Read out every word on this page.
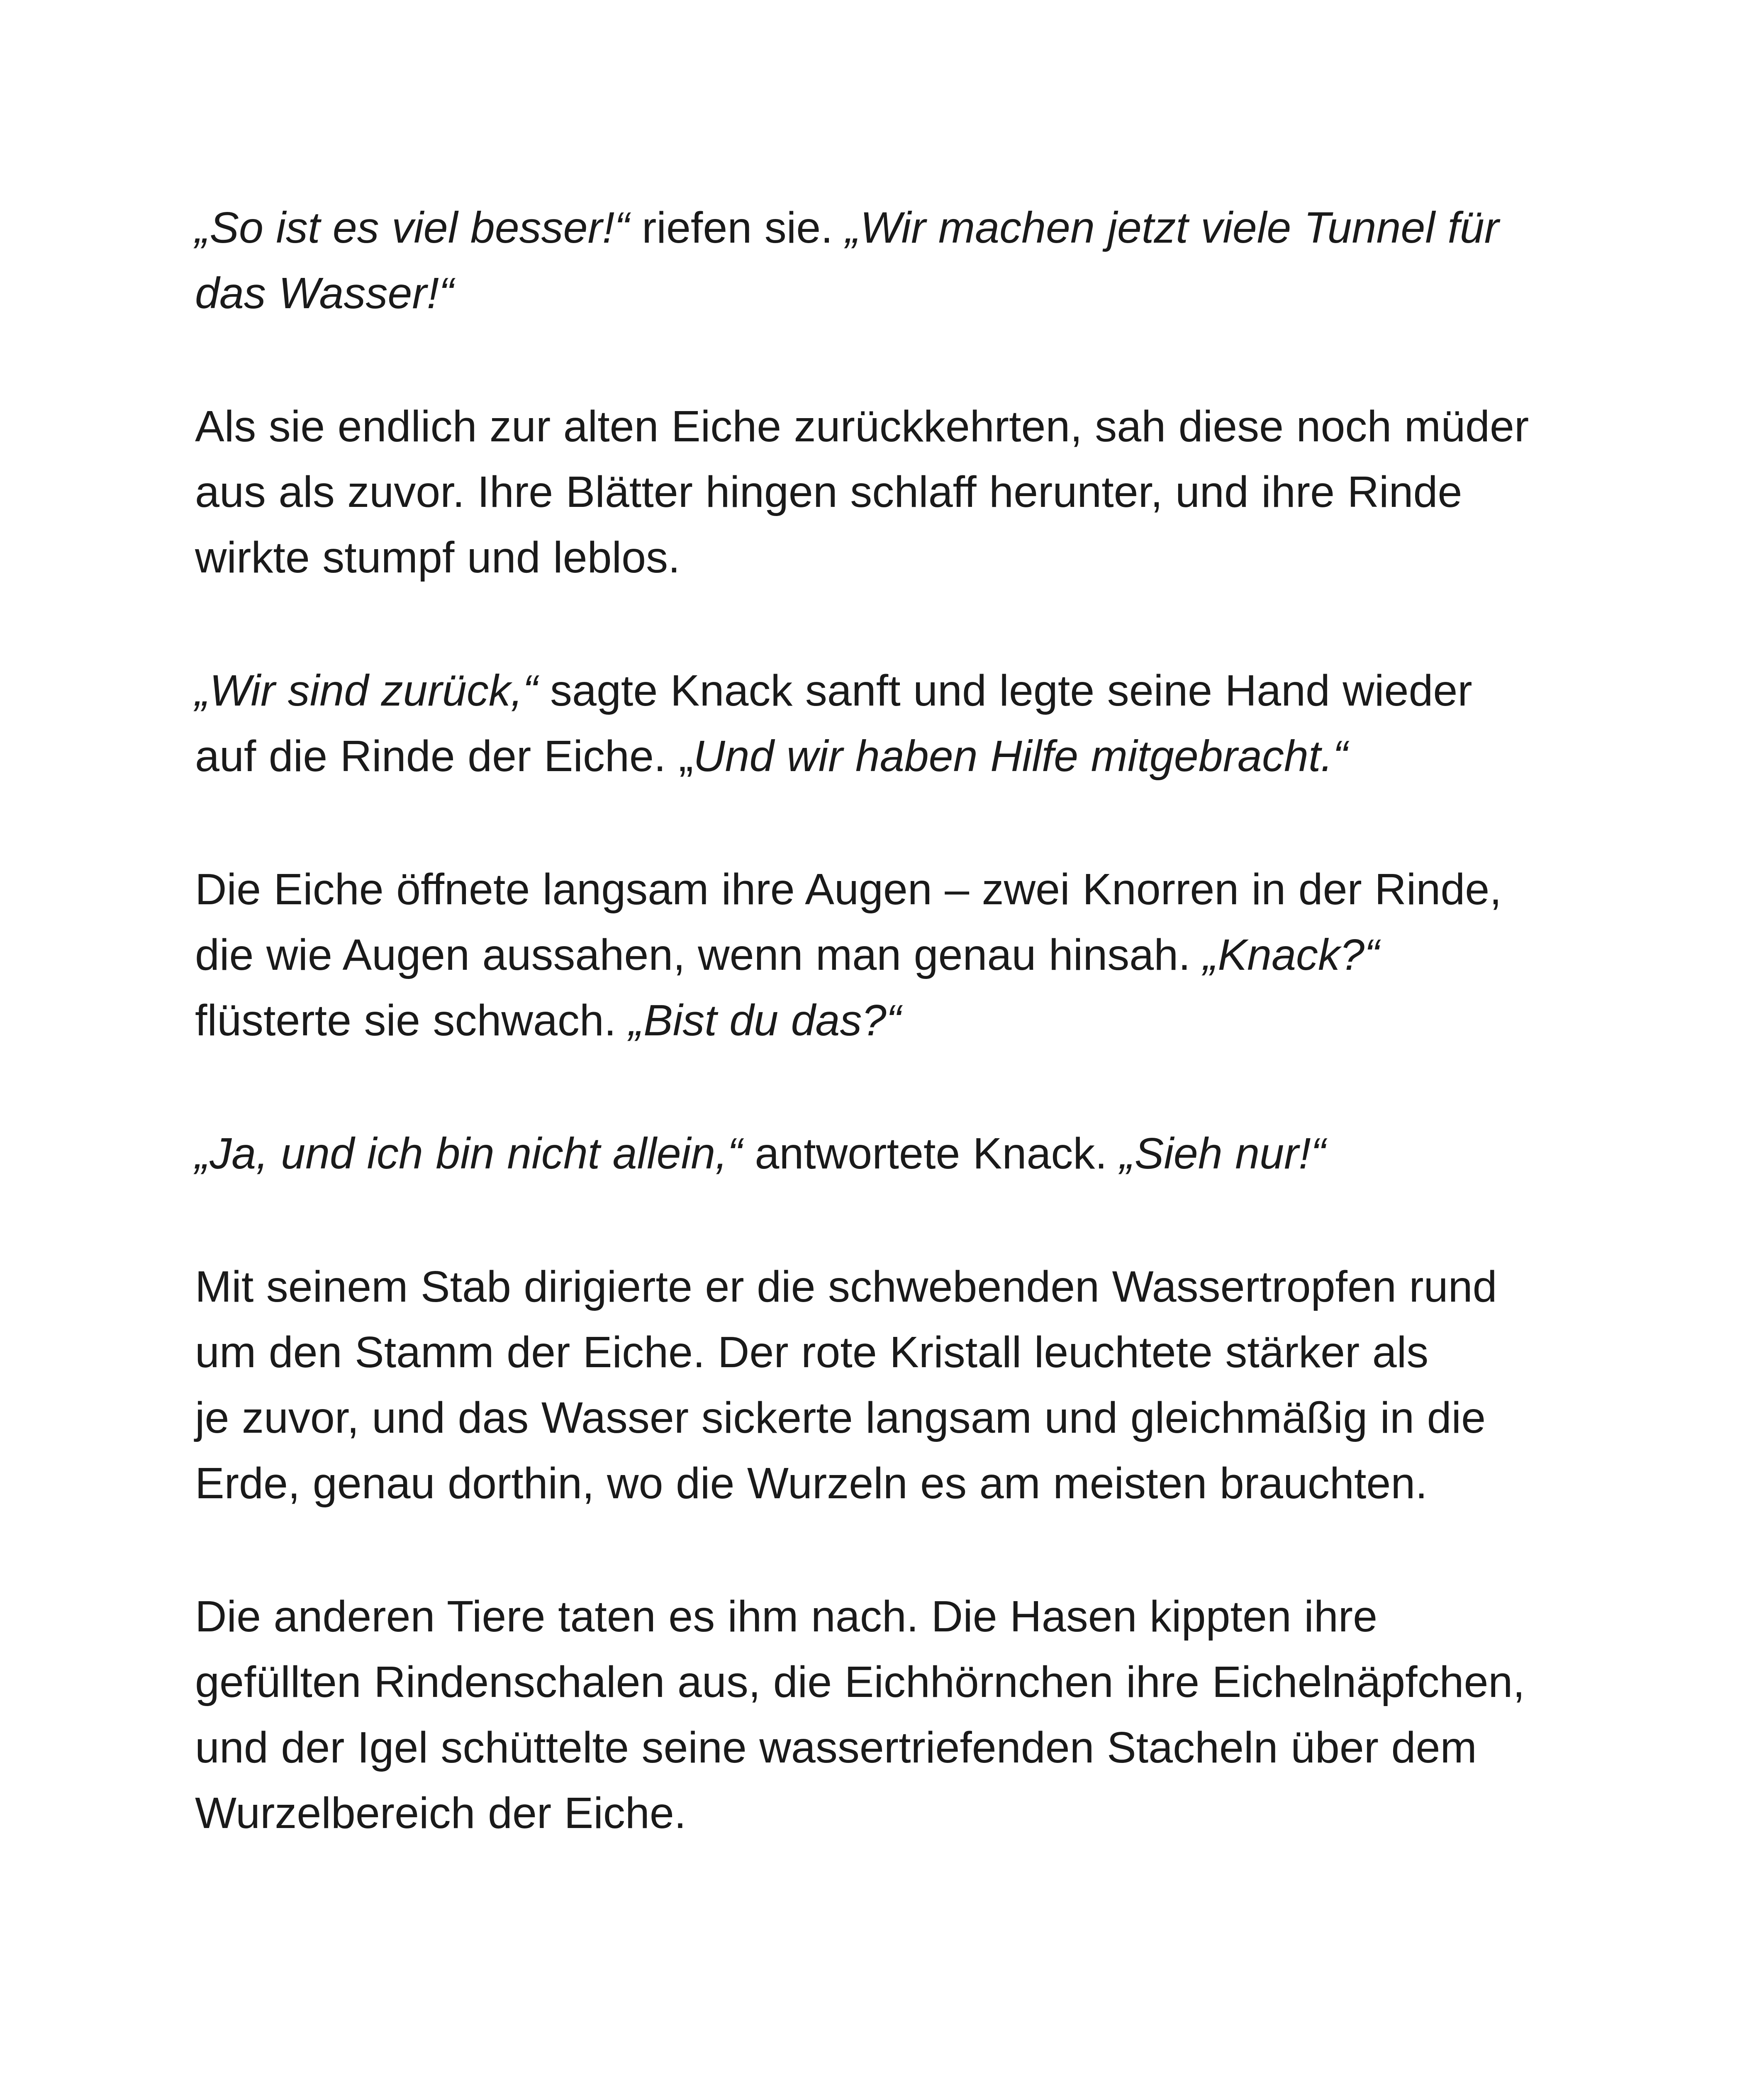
„So ist es viel besser!“ riefen sie. „Wir machen jetzt viele Tunnel für
das Wasser!“

Als sie endlich zur alten Eiche zurückkehrten, sah diese noch müder
aus als zuvor. Ihre Blätter hingen schlaff herunter, und ihre Rinde
wirkte stumpf und leblos.

„Wir sind zurück,“ sagte Knack sanft und legte seine Hand wieder
auf die Rinde der Eiche. „Und wir haben Hilfe mitgebracht.“

Die Eiche öffnete langsam ihre Augen – zwei Knorren in der Rinde,
die wie Augen aussahen, wenn man genau hinsah. „Knack?“
flüsterte sie schwach. „Bist du das?“

„Ja, und ich bin nicht allein,“ antwortete Knack. „Sieh nur!“

Mit seinem Stab dirigierte er die schwebenden Wassertropfen rund
um den Stamm der Eiche. Der rote Kristall leuchtete stärker als
je zuvor, und das Wasser sickerte langsam und gleichmäßig in die
Erde, genau dorthin, wo die Wurzeln es am meisten brauchten.

Die anderen Tiere taten es ihm nach. Die Hasen kippten ihre
gefüllten Rindenschalen aus, die Eichhörnchen ihre Eichelnäpfchen,
und der Igel schüttelte seine wassertriefenden Stacheln über dem
Wurzelbereich der Eiche.
